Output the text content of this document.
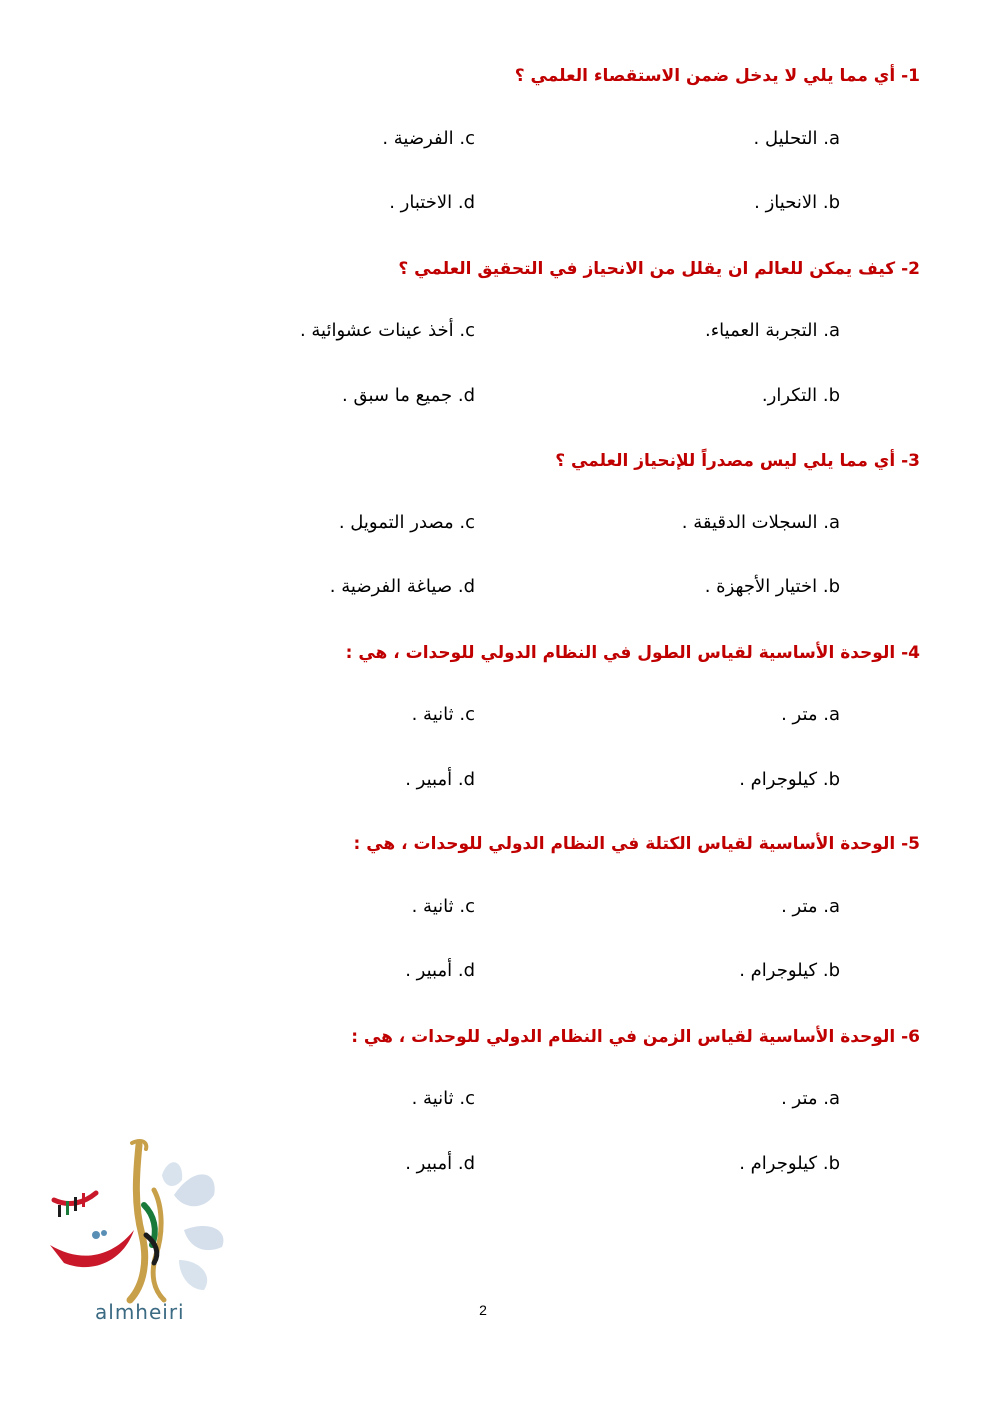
1- أي مما يلي لا يدخل ضمن الاستقصاء العلمي ؟
a. التحليل .
c. الفرضية .
b. الانحياز .
d. الاختبار .
2- كيف يمكن للعالم ان يقلل من الانحياز في التحقيق العلمي ؟
a. التجربة العمياء.
c. أخذ عينات عشوائية .
b. التكرار.
d. جميع ما سبق .
3- أي مما يلي ليس مصدراً للإنحياز العلمي ؟
a. السجلات الدقيقة .
c. مصدر التمويل .
b. اختيار الأجهزة .
d. صياغة الفرضية .
4- الوحدة الأساسية لقياس الطول في النظام الدولي للوحدات ، هي :
a. متر .
c. ثانية .
b. كيلوجرام .
d. أمبير .
5- الوحدة الأساسية لقياس الكتلة في النظام الدولي للوحدات ، هي :
a. متر .
c. ثانية .
b. كيلوجرام .
d. أمبير .
6- الوحدة الأساسية لقياس الزمن في النظام الدولي للوحدات ، هي :
a. متر .
c. ثانية .
b. كيلوجرام .
d. أمبير .
almheiri	2
